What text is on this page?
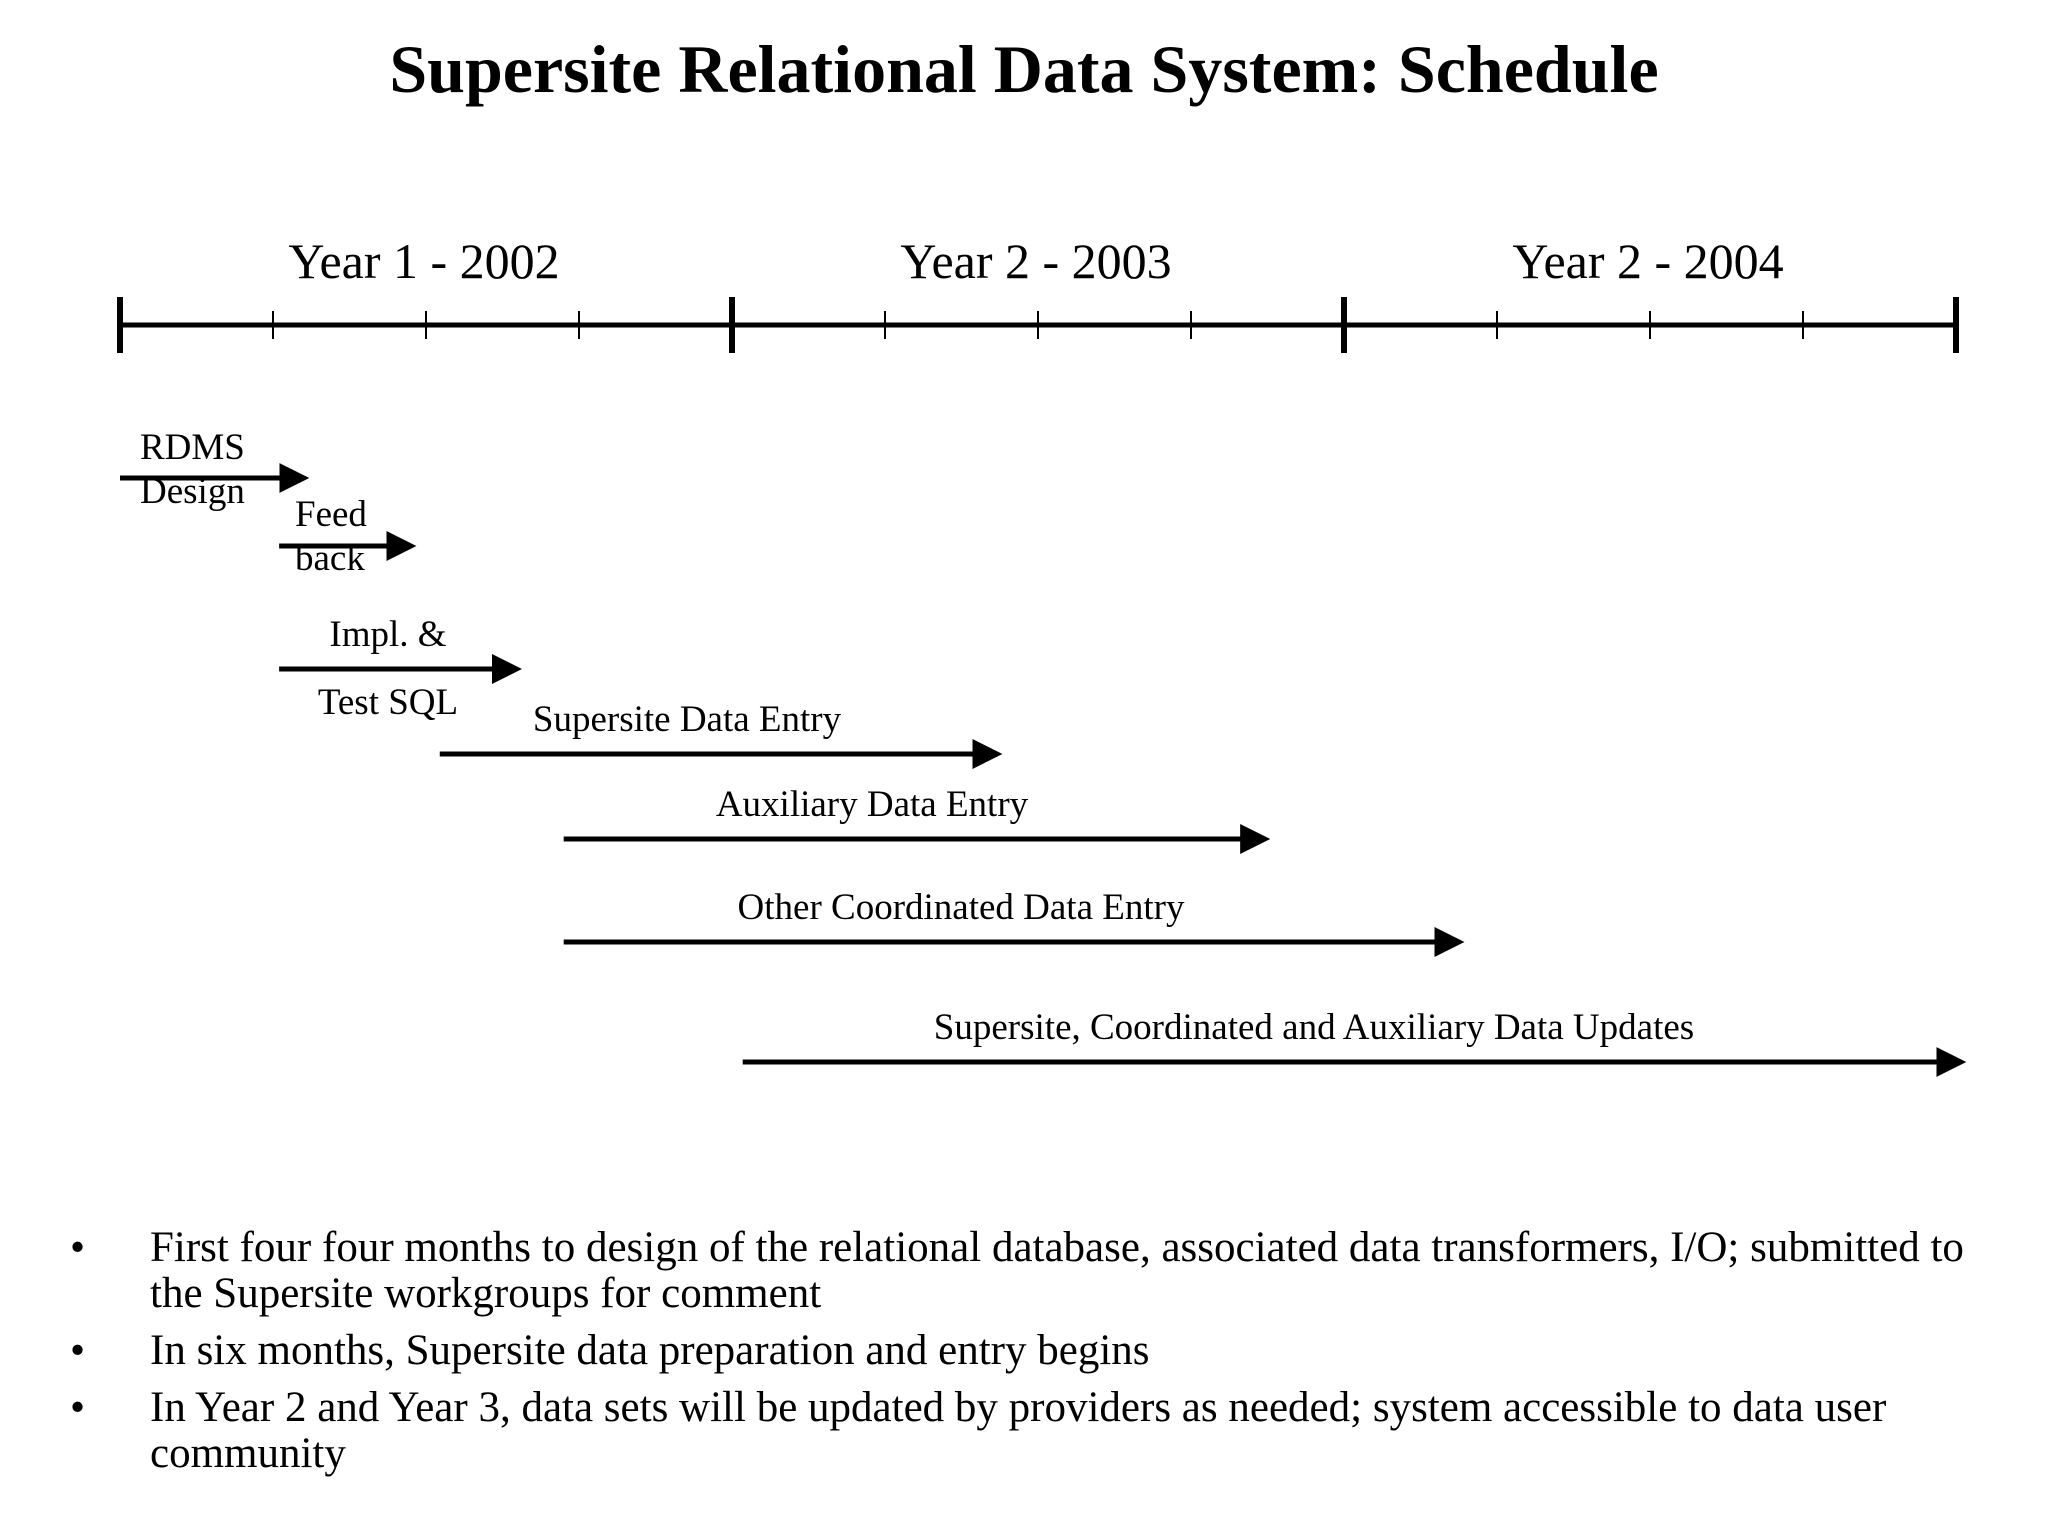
Supersite Relational Data System: Schedule
Year 1 - 2002	Year 2 - 2003	Year 2 - 2004
RDMS
Design
Feed
back
Impl. &
Test SQL Supersite Data Entry
Auxiliary Data Entry
Other Coordinated Data Entry
Supersite, Coordinated and Auxiliary Data Updates
• First four four months to design of the relational database, associated data transformers, I/O; submitted to the Supersite workgroups for comment
• In six months, Supersite data preparation and entry begins
• In Year 2 and Year 3, data sets will be updated by providers as needed; system accessible to data user community
